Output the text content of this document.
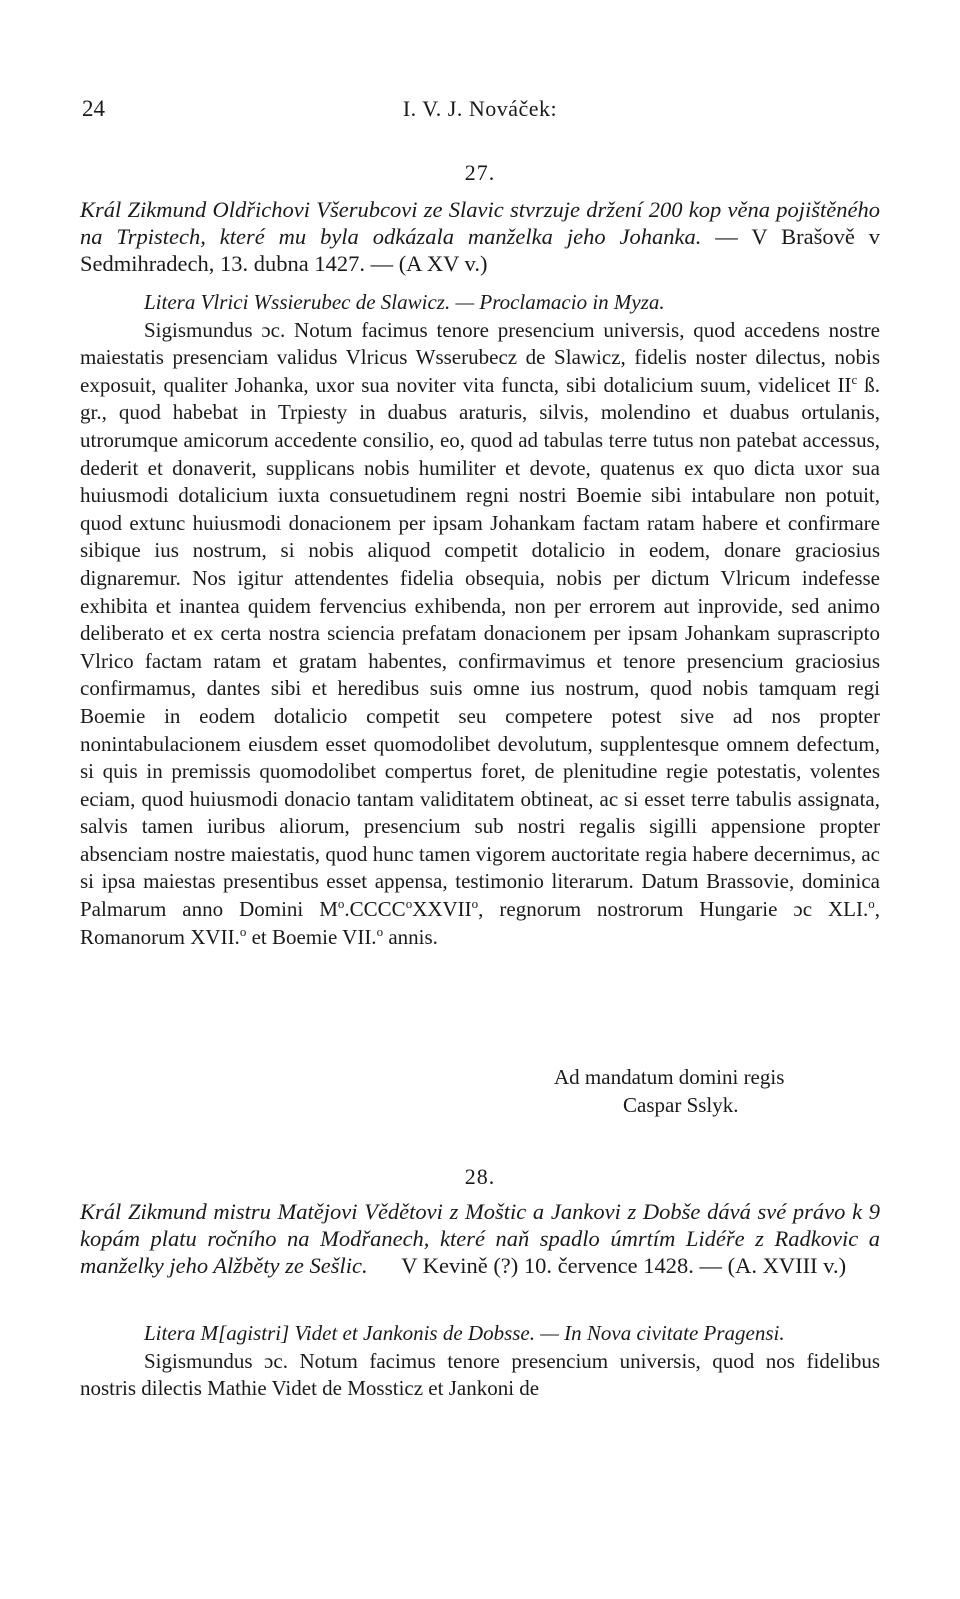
24	I. V. J. Nováček:
27.
Král Zikmund Oldřichovi Všerubcovi ze Slavic stvrzuje držení 200 kop věna pojištěného na Trpistech, které mu byla odkázala manželka jeho Johanka. — V Brašově v Sedmihradech, 13. dubna 1427. — (A XV v.)
Litera Vlrici Wssierubec de Slawicz. — Proclamacio in Myza.
Sigismundus ɔc. Notum facimus tenore presencium universis, quod accedens nostre maiestatis presenciam validus Vlricus Wsserubecz de Slawicz, fidelis noster dilectus, nobis exposuit, qualiter Johanka, uxor sua noviter vita functa, sibi dotalicium suum, videlicet $II^c$ ß. gr., quod habebat in Trpiesty in duabus araturis, silvis, molendino et duabus ortulanis, utrorumque amicorum accedente consilio, eo, quod ad tabulas terre tutus non patebat accessus, dederit et donaverit, supplicans nobis humiliter et devote, quatenus ex quo dicta uxor sua huiusmodi dotalicium iuxta consuetudinem regni nostri Boemie sibi intabulare non potuit, quod extunc huiusmodi donacionem per ipsam Johankam factam ratam habere et confirmare sibique ius nostrum, si nobis aliquod competit dotalicio in eodem, donare graciosius dignaremur. Nos igitur attendentes fidelia obsequia, nobis per dictum Vlricum indefesse exhibita et inantea quidem fervencius exhibenda, non per errorem aut inprovide, sed animo deliberato et ex certa nostra sciencia prefatam donacionem per ipsam Johankam suprascripto Vlrico factam ratam et gratam habentes, confirmavimus et tenore presencium graciosius confirmamus, dantes sibi et heredibus suis omne ius nostrum, quod nobis tamquam regi Boemie in eodem dotalicio competit seu competere potest sive ad nos propter nonintabulacionem eiusdem esset quomodolibet devolutum, supplentesque omnem defectum, si quis in premissis quomodolibet compertus foret, de plenitudine regie potestatis, volentes eciam, quod huiusmodi donacio tantam validitatem obtineat, ac si esset terre tabulis assignata, salvis tamen iuribus aliorum, presencium sub nostri regalis sigilli appensione propter absenciam nostre maiestatis, quod hunc tamen vigorem auctoritate regia habere decernimus, ac si ipsa maiestas presentibus esset appensa, testimonio literarum. Datum Brassovie, dominica Palmarum anno Domini $M^o.CCCC^oXXVII^o$, regnorum nostrorum Hungarie ɔc XLI.$^o$, Romanorum XVII.$^o$ et Boemie VII.$^o$ annis.
Ad mandatum domini regis
Caspar Sslyk.
28.
Král Zikmund mistru Matějovi Vědětovi z Moštic a Jankovi z Dobše dává své právo k 9 kopám platu ročního na Modřanech, které naň spadlo úmrtím Lidéře z Radkovic a manželky jeho Alžběty ze Sešlic. V Kevině (?) 10. července 1428. — (A. XVIII v.)
Litera M[agistri] Videt et Jankonis de Dobsse. — In Nova civitate Pragensi.
Sigismundus ɔc. Notum facimus tenore presencium universis, quod nos fidelibus nostris dilectis Mathie Videt de Mossticz et Jankoni de
